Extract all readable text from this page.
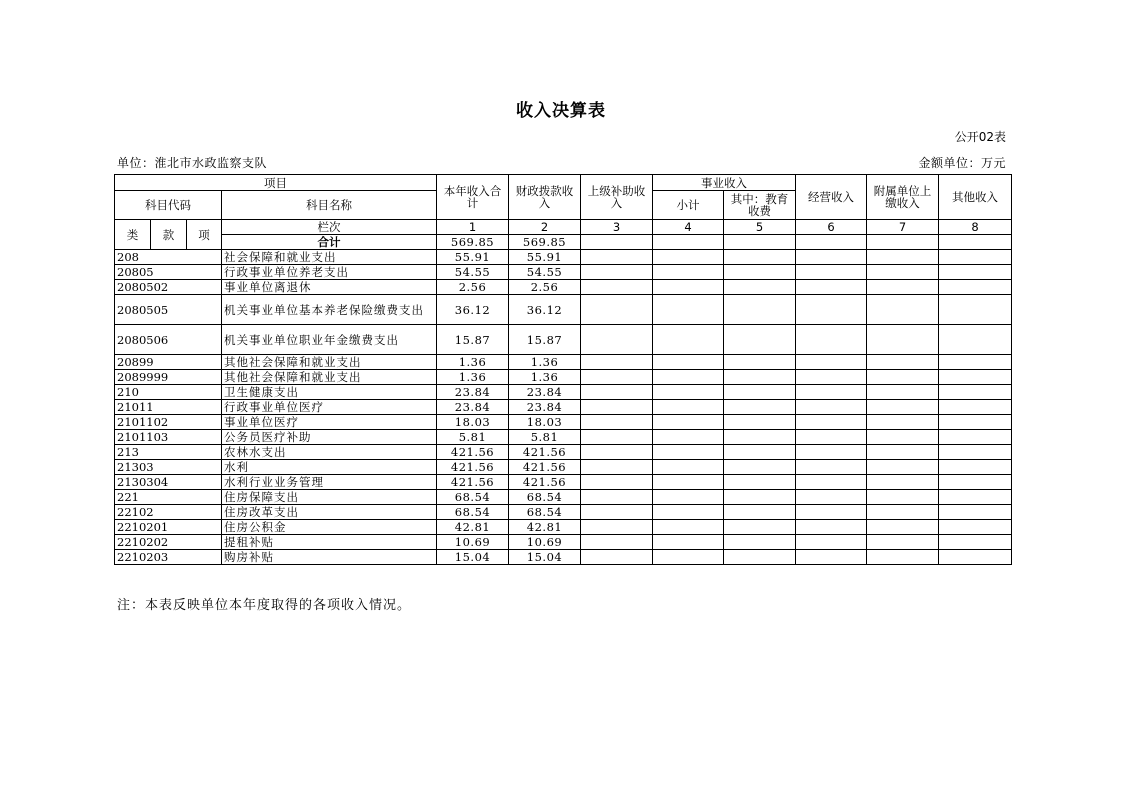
收入决算表
公开02表
单位：淮北市水政监察支队	金额单位：万元
项目				本年收入合计	财政拨款收入	上级补助收入	事业收入		经营收入	附属单位上缴收入	其他收入
科目代码			科目名称				小计	其中：教育收费			

类	款	项	栏次	1	2	3	4	5	6	7	8
			合计	569.85	569.85						
208			社会保障和就业支出	55.91	55.91						
20805			行政事业单位养老支出	54.55	54.55						
2080502			事业单位离退休	2.56	2.56						
2080505			机关事业单位基本养老保险缴费支出	36.12	36.12						
2080506			机关事业单位职业年金缴费支出	15.87	15.87						
20899			其他社会保障和就业支出	1.36	1.36						
2089999			其他社会保障和就业支出	1.36	1.36						
210			卫生健康支出	23.84	23.84						
21011			行政事业单位医疗	23.84	23.84						
2101102			事业单位医疗	18.03	18.03						
2101103			公务员医疗补助	5.81	5.81						
213			农林水支出	421.56	421.56						
21303			水利	421.56	421.56						
2130304			水利行业业务管理	421.56	421.56						
221			住房保障支出	68.54	68.54						
22102			住房改革支出	68.54	68.54						
2210201			住房公积金	42.81	42.81						
2210202			提租补贴	10.69	10.69						
2210203			购房补贴	15.04	15.04						
注：本表反映单位本年度取得的各项收入情况。
